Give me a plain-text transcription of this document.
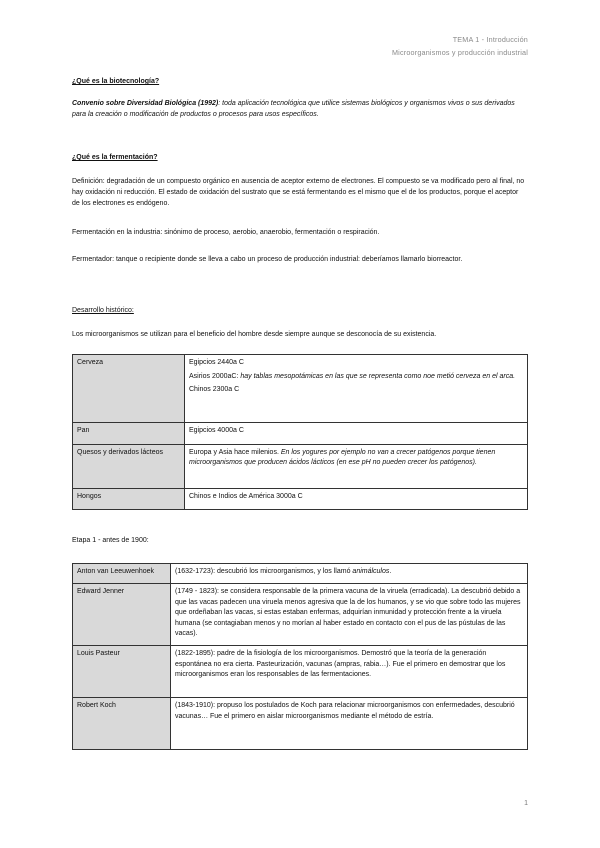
TEMA 1 - Introducción
Microorganismos y producción industrial
¿Qué es la biotecnología?
Convenio sobre Diversidad Biológica (1992): toda aplicación tecnológica que utilice sistemas biológicos y organismos vivos o sus derivados para la creación o modificación de productos o procesos para usos específicos.
¿Qué es la fermentación?
Definición: degradación de un compuesto orgánico en ausencia de aceptor externo de electrones. El compuesto se va modificado pero al final, no hay oxidación ni reducción. El estado de oxidación del sustrato que se está fermentando es el mismo que el de los productos, porque el aceptor de los electrones es endógeno.
Fermentación en la industria: sinónimo de proceso, aerobio, anaerobio, fermentación o respiración.
Fermentador: tanque o recipiente donde se lleva a cabo un proceso de producción industrial: deberíamos llamarlo biorreactor.
Desarrollo histórico:
Los microorganismos se utilizan para el beneficio del hombre desde siempre aunque se desconocía de su existencia.
Cerveza	Egipcios 2440a C

Asirios 2000aC: hay tablas mesopotámicas en las que se representa como noe metió cerveza en el arca.

Chinos 2300a C

Pan	Egipcios 4000a C

Quesos y derivados lácteos	Europa y Asia hace milenios. En los yogures por ejemplo no van a crecer patógenos porque tienen microorganismos que producen ácidos lácticos (en ese pH no pueden crecer los patógenos).

Hongos	Chinos e Indios de América 3000a C

Etapa 1 - antes de 1900:
Anton van Leeuwenhoek	(1632-1723): descubrió los microorganismos, y los llamó animálculos.
Edward Jenner	(1749 - 1823): se considera responsable de la primera vacuna de la viruela (erradicada). La descubrió debido a que las vacas padecen una viruela menos agresiva que la de los humanos, y se vio que sobre todo las mujeres que ordeñaban las vacas, si estas estaban enfermas, adquirían inmunidad y protección frente a la viruela humana (se contagiaban menos y no morían al haber estado en contacto con el pus de las pústulas de las vacas).
Louis Pasteur	(1822-1895): padre de la fisiología de los microorganismos. Demostró que la teoría de la generación espontánea no era cierta. Pasteurización, vacunas (ampras, rabia…). Fue el primero en demostrar que los microorganismos eran los responsables de las fermentaciones.
Robert Koch	(1843-1910): propuso los postulados de Koch para relacionar microorganismos con enfermedades, descubrió vacunas… Fue el primero en aislar microorganismos mediante el método de estría.
1
